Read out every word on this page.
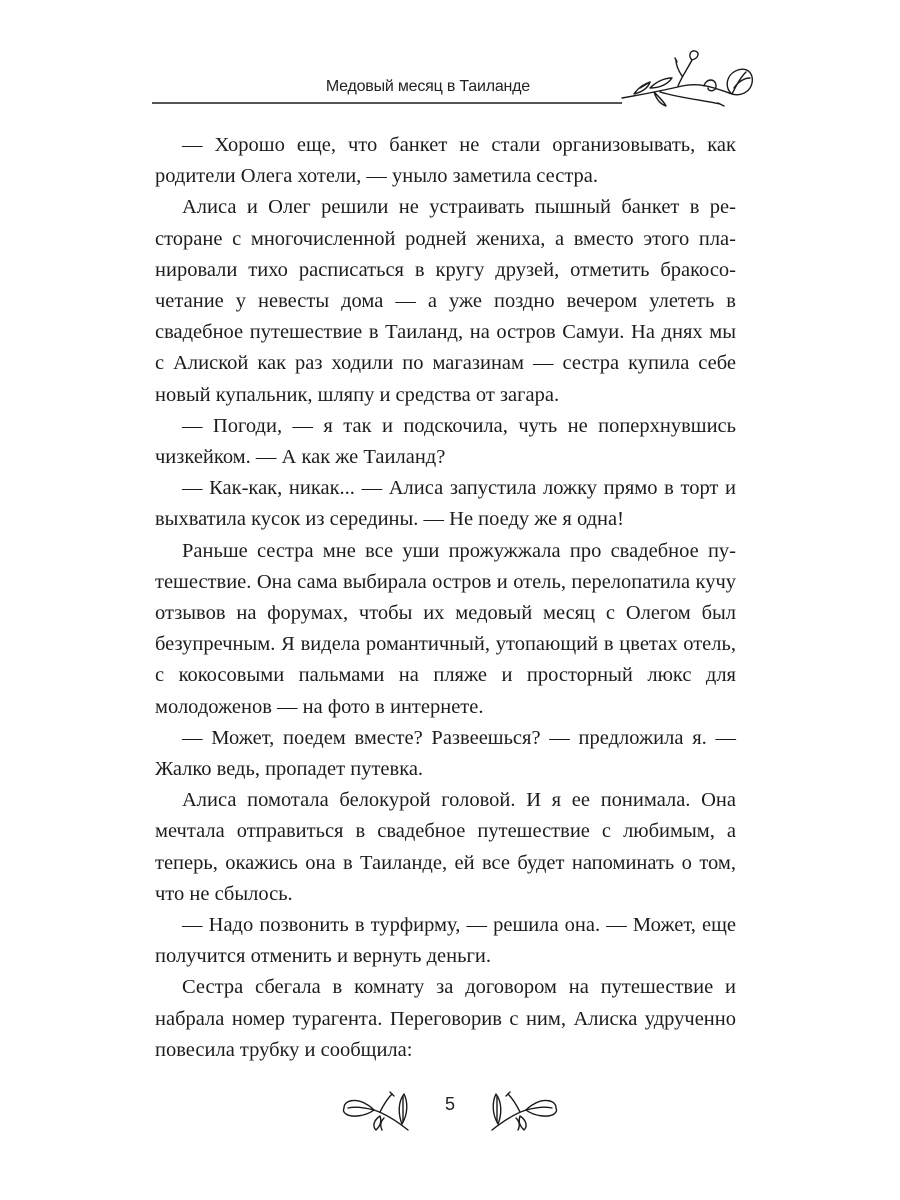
Медовый месяц в Таиланде

— Хорошо еще, что банкет не стали организовывать, как родители Олега хотели, — уныло заметила сестра.

Алиса и Олег решили не устраивать пышный банкет в ресторане с многочисленной родней жениха, а вместо этого планировали тихо расписаться в кругу друзей, отметить бракосочетание у невесты дома — а уже поздно вечером улететь в свадебное путешествие в Таиланд, на остров Самуи. На днях мы с Алиской как раз ходили по магазинам — сестра купила себе новый купальник, шляпу и средства от загара.

— Погоди, — я так и подскочила, чуть не поперхнувшись чизкейком. — А как же Таиланд?

— Как-как, никак... — Алиса запустила ложку прямо в торт и выхватила кусок из середины. — Не поеду же я одна!

Раньше сестра мне все уши прожужжала про свадебное путешествие. Она сама выбирала остров и отель, перелопатила кучу отзывов на форумах, чтобы их медовый месяц с Олегом был безупречным. Я видела романтичный, утопающий в цветах отель, с кокосовыми пальмами на пляже и просторный люкс для молодоженов — на фото в интернете.

— Может, поедем вместе? Развеешься? — предложила я. — Жалко ведь, пропадет путевка.

Алиса помотала белокурой головой. И я ее понимала. Она мечтала отправиться в свадебное путешествие с любимым, а теперь, окажись она в Таиланде, ей все будет напоминать о том, что не сбылось.

— Надо позвонить в турфирму, — решила она. — Может, еще получится отменить и вернуть деньги.

Сестра сбегала в комнату за договором на путешествие и набрала номер турагента. Переговорив с ним, Алиска удрученно повесила трубку и сообщила:

5
